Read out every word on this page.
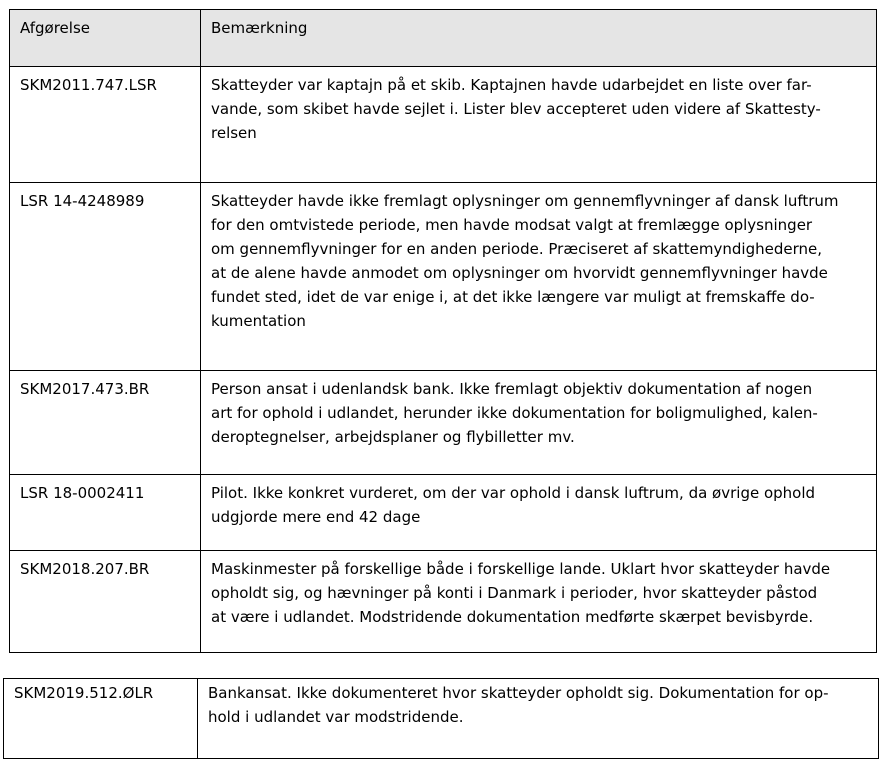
Afgørelse	Bemærkning
SKM2011.747.LSR	Skatteyder var kaptajn på et skib. Kaptajnen havde udarbejdet en liste over far-
vande, som skibet havde sejlet i. Lister blev accepteret uden videre af Skattesty-
relsen
LSR 14-4248989	Skatteyder havde ikke fremlagt oplysninger om gennemflyvninger af dansk luftrum
for den omtvistede periode, men havde modsat valgt at fremlægge oplysninger
om gennemflyvninger for en anden periode. Præciseret af skattemyndighederne,
at de alene havde anmodet om oplysninger om hvorvidt gennemflyvninger havde
fundet sted, idet de var enige i, at det ikke længere var muligt at fremskaffe do-
kumentation
SKM2017.473.BR	Person ansat i udenlandsk bank. Ikke fremlagt objektiv dokumentation af nogen
art for ophold i udlandet, herunder ikke dokumentation for boligmulighed, kalen-
deroptegnelser, arbejdsplaner og flybilletter mv.
LSR 18-0002411	Pilot. Ikke konkret vurderet, om der var ophold i dansk luftrum, da øvrige ophold
udgjorde mere end 42 dage
SKM2018.207.BR	Maskinmester på forskellige både i forskellige lande. Uklart hvor skatteyder havde
opholdt sig, og hævninger på konti i Danmark i perioder, hvor skatteyder påstod
at være i udlandet. Modstridende dokumentation medførte skærpet bevisbyrde.
SKM2019.512.ØLR	Bankansat. Ikke dokumenteret hvor skatteyder opholdt sig. Dokumentation for op-
hold i udlandet var modstridende.
